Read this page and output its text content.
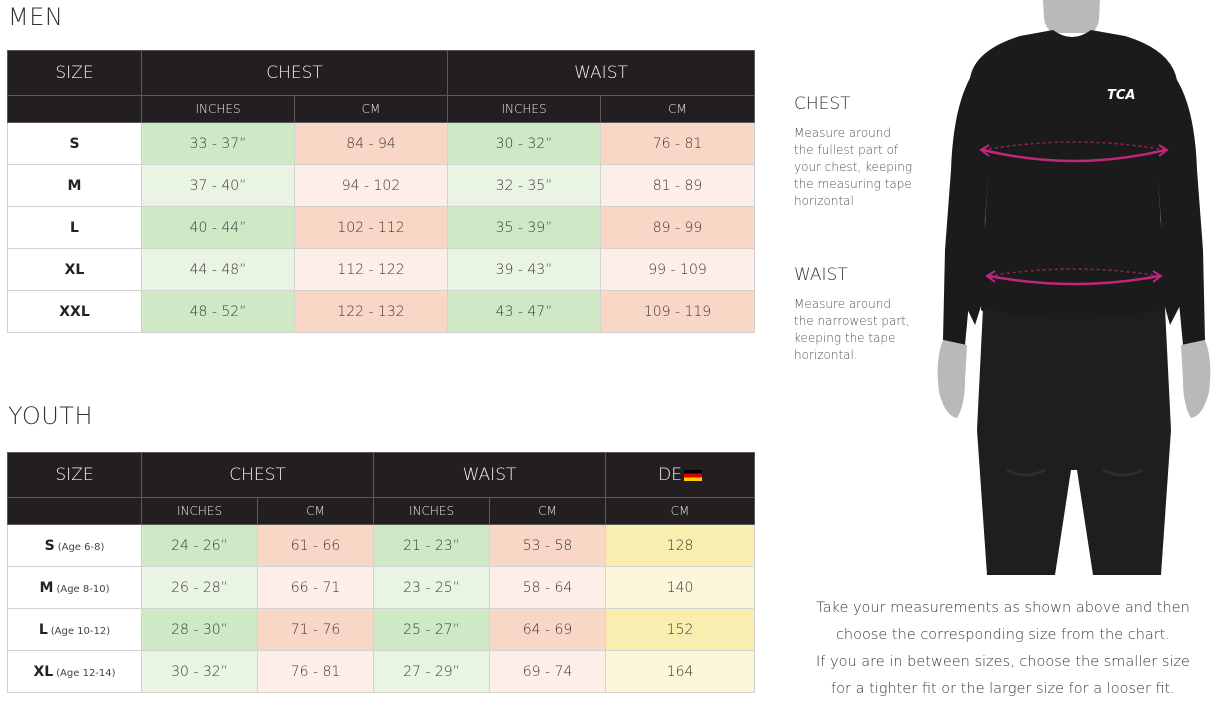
MEN
SIZE	CHEST		WAIST	
	INCHES	CM	INCHES	CM
S	33 - 37”	84 - 94	30 - 32”	76 - 81
M	37 - 40”	94 - 102	32 - 35”	81 - 89
L	40 - 44”	102 - 112	35 - 39”	89 - 99
XL	44 - 48”	112 - 122	39 - 43”	99 - 109
XXL	48 - 52”	122 - 132	43 - 47”	109 - 119
YOUTH
SIZE	CHEST		WAIST		DE
	INCHES	CM	INCHES	CM	CM
S (Age 6-8)	24 - 26”	61 - 66	21 - 23”	53 - 58	128
M (Age 8-10)	26 - 28”	66 - 71	23 - 25”	58 - 64	140
L (Age 10-12)	28 - 30”	71 - 76	25 - 27”	64 - 69	152
XL (Age 12-14)	30 - 32”	76 - 81	27 - 29”	69 - 74	164
CHEST
Measure around
the fullest part of
your chest, keeping
the measuring tape
horizontal
WAIST
Measure around
the narrowest part,
keeping the tape
horizontal.
TCA
Take your measurements as shown above and then
choose the corresponding size from the chart.
If you are in between sizes, choose the smaller size
for a tighter fit or the larger size for a looser fit.
